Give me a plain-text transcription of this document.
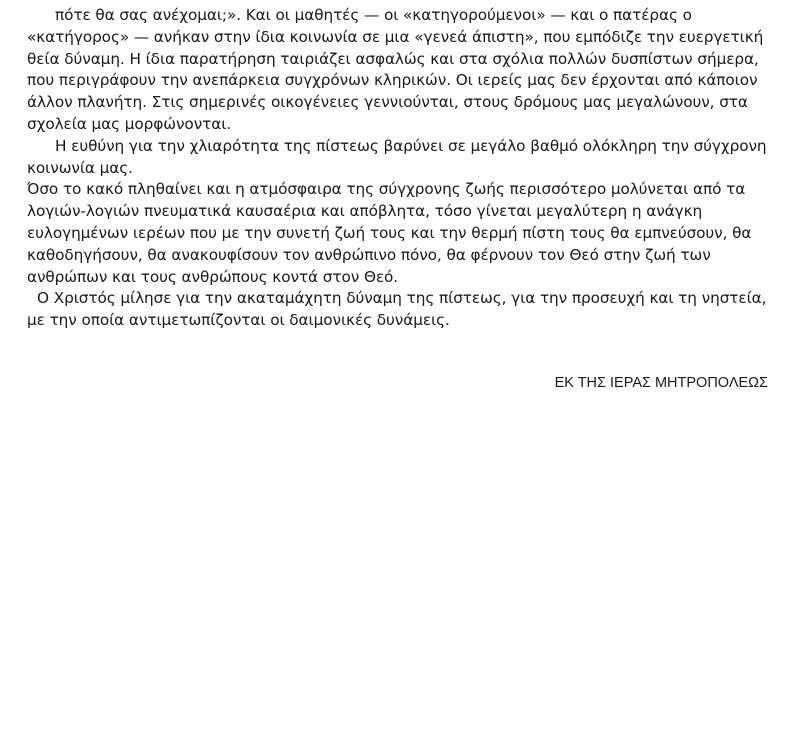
πότε θα σας ανέχομαι;». Και οι μαθητές — οι «κατηγορούμενοι» — και ο πατέρας ο «κατήγορος» — ανήκαν στην ίδια κοινωνία σε μια «γενεά άπιστη», που εμπόδιζε την ευεργετική θεία δύναμη. Η ίδια παρατήρηση ταιριάζει ασφαλώς και στα σχόλια πολλών δυσπίστων σήμερα, που περιγράφουν την ανεπάρκεια συγχρόνων κληρικών. Οι ιερείς μας δεν έρχονται από κάποιον άλλον πλανήτη. Στις σημερινές οικογένειες γεννιούνται, στους δρόμους μας μεγαλώνουν, στα σχολεία μας μορφώνονται.

Η ευθύνη για την χλιαρότητα της πίστεως βαρύνει σε μεγάλο βαθμό ολόκληρη την σύγχρονη κοινωνία μας.

Όσο το κακό πληθαίνει και η ατμόσφαιρα της σύγχρονης ζωής περισσότερο μολύνεται από τα λογιών-λογιών πνευματικά καυσαέρια και απόβλητα, τόσο γίνεται μεγαλύτερη η ανάγκη ευλογημένων ιερέων που με την συνετή ζωή τους και την θερμή πίστη τους θα εμπνεύσουν, θα καθοδηγήσουν, θα ανακουφίσουν τον ανθρώπινο πόνο, θα φέρνουν τον Θεό στην ζωή των ανθρώπων και τους ανθρώπους κοντά στον Θεό.

Ο Χριστός μίλησε για την ακαταμάχητη δύναμη της πίστεως, για την προσευχή και τη νηστεία, με την οποία αντιμετωπίζονται οι δαιμονικές δυνάμεις.

ΕΚ ΤΗΣ ΙΕΡΑΣ ΜΗΤΡΟΠΟΛΕΩΣ
